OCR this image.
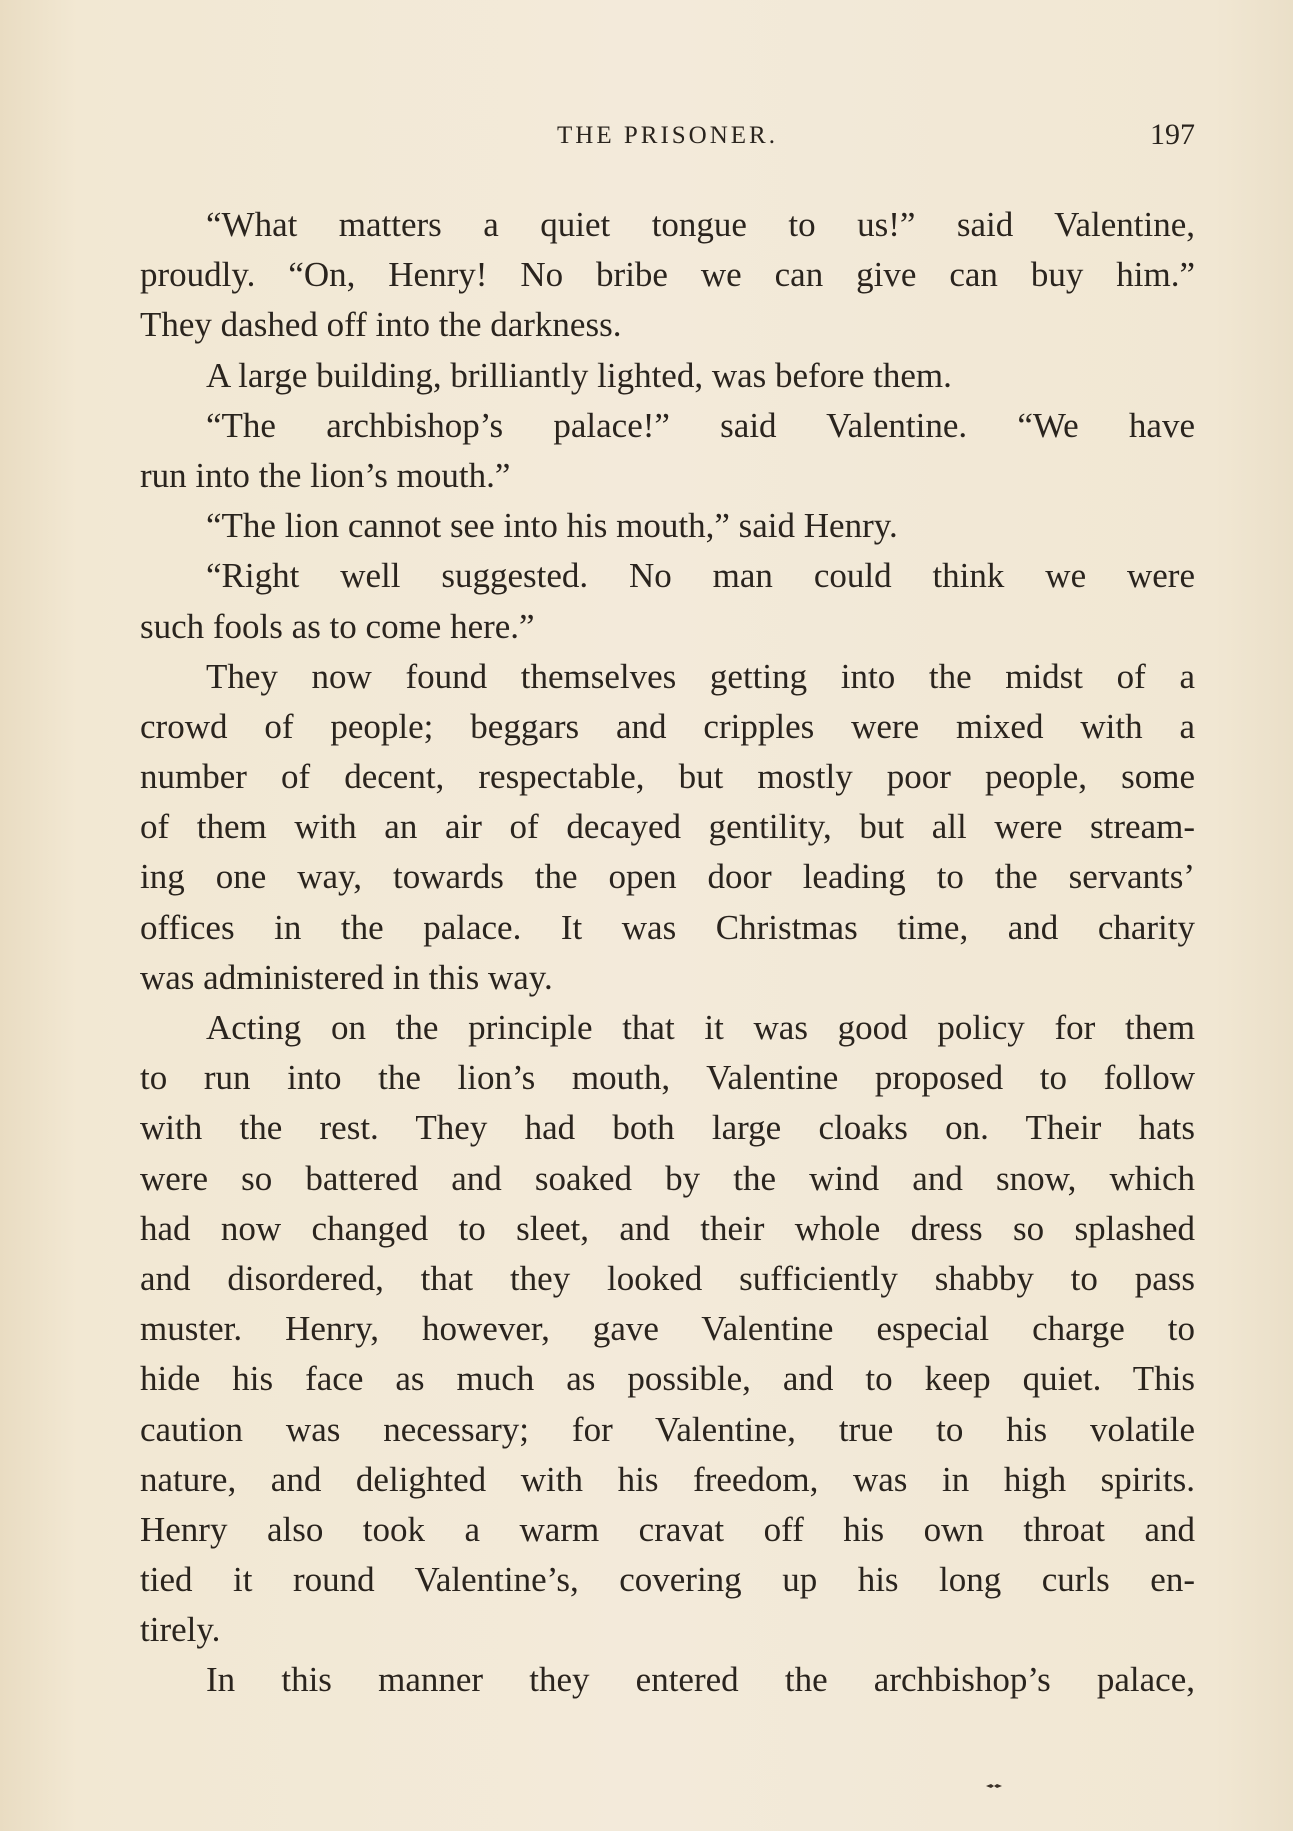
THE PRISONER.	197
“What matters a quiet tongue to us!” said Valentine,
proudly. “On, Henry! No bribe we can give can buy him.”
They dashed off into the darkness.
A large building, brilliantly lighted, was before them.
“The archbishop’s palace!” said Valentine. “We have
run into the lion’s mouth.”
“The lion cannot see into his mouth,” said Henry.
“Right well suggested. No man could think we were
such fools as to come here.”
They now found themselves getting into the midst of a
crowd of people; beggars and cripples were mixed with a
number of decent, respectable, but mostly poor people, some
of them with an air of decayed gentility, but all were stream-
ing one way, towards the open door leading to the servants’
offices in the palace. It was Christmas time, and charity
was administered in this way.
Acting on the principle that it was good policy for them
to run into the lion’s mouth, Valentine proposed to follow
with the rest. They had both large cloaks on. Their hats
were so battered and soaked by the wind and snow, which
had now changed to sleet, and their whole dress so splashed
and disordered, that they looked sufficiently shabby to pass
muster. Henry, however, gave Valentine especial charge to
hide his face as much as possible, and to keep quiet. This
caution was necessary; for Valentine, true to his volatile
nature, and delighted with his freedom, was in high spirits.
Henry also took a warm cravat off his own throat and
tied it round Valentine’s, covering up his long curls en-
tirely.
In this manner they entered the archbishop’s palace,
